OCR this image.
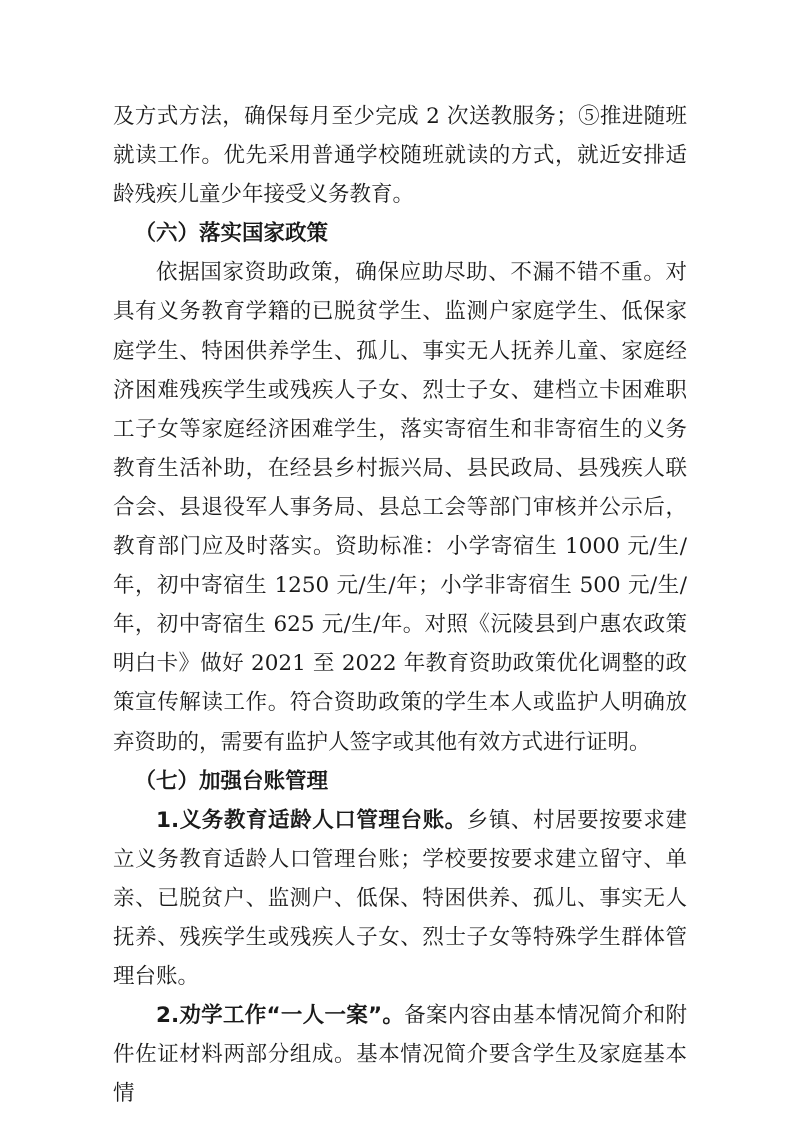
及方式方法，确保每月至少完成 2 次送教服务；⑤推进随班就读工作。优先采用普通学校随班就读的方式，就近安排适龄残疾儿童少年接受义务教育。

（六）落实国家政策

依据国家资助政策，确保应助尽助、不漏不错不重。对具有义务教育学籍的已脱贫学生、监测户家庭学生、低保家庭学生、特困供养学生、孤儿、事实无人抚养儿童、家庭经济困难残疾学生或残疾人子女、烈士子女、建档立卡困难职工子女等家庭经济困难学生，落实寄宿生和非寄宿生的义务教育生活补助，在经县乡村振兴局、县民政局、县残疾人联合会、县退役军人事务局、县总工会等部门审核并公示后，教育部门应及时落实。资助标准：小学寄宿生 1000 元/生/年，初中寄宿生 1250 元/生/年；小学非寄宿生 500 元/生/年，初中寄宿生 625 元/生/年。对照《沅陵县到户惠农政策明白卡》做好 2021 至 2022 年教育资助政策优化调整的政策宣传解读工作。符合资助政策的学生本人或监护人明确放弃资助的，需要有监护人签字或其他有效方式进行证明。

（七）加强台账管理

1.义务教育适龄人口管理台账。乡镇、村居要按要求建立义务教育适龄人口管理台账；学校要按要求建立留守、单亲、已脱贫户、监测户、低保、特困供养、孤儿、事实无人抚养、残疾学生或残疾人子女、烈士子女等特殊学生群体管理台账。

2.劝学工作“一人一案”。备案内容由基本情况简介和附件佐证材料两部分组成。基本情况简介要含学生及家庭基本情
